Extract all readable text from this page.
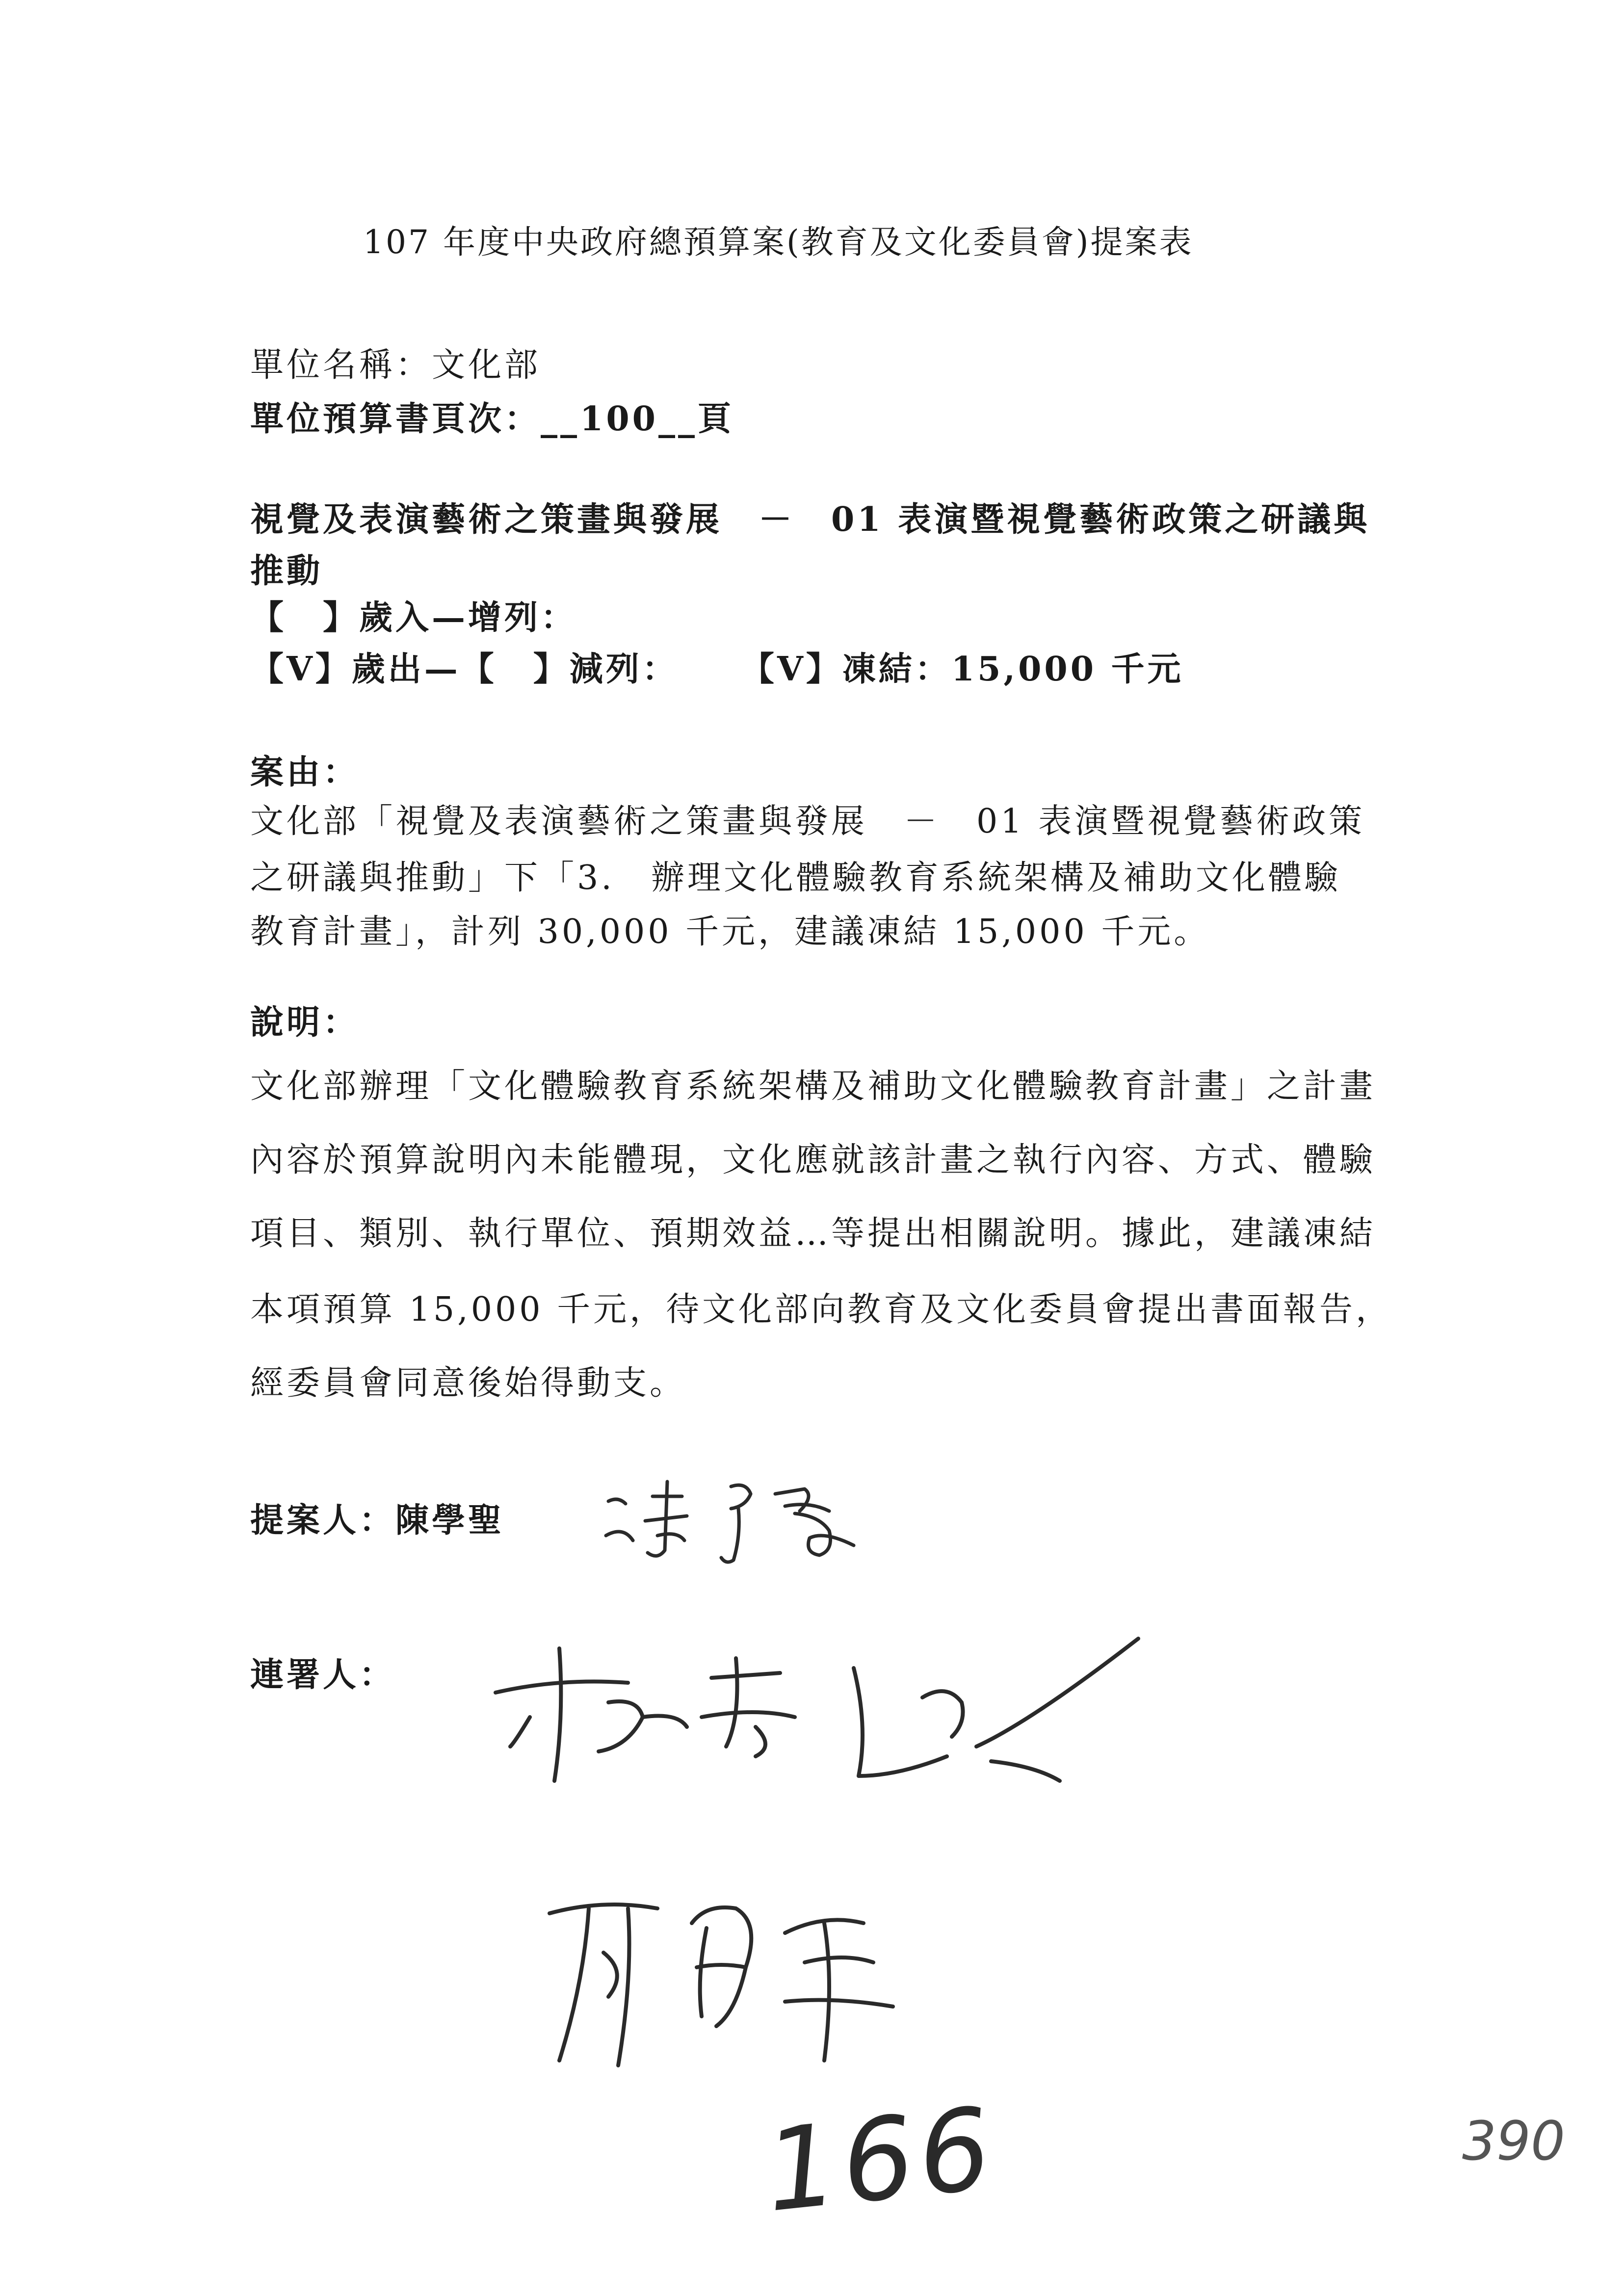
107 年度中央政府總預算案(教育及文化委員會)提案表
單位名稱：文化部
單位預算書頁次：__100__頁
視覺及表演藝術之策畫與發展　－　01 表演暨視覺藝術政策之研議與
推動
【　】歲入—增列：
【V】歲出—【　】減列： 【V】凍結：15,000 千元
案由：
文化部「視覺及表演藝術之策畫與發展　－　01 表演暨視覺藝術政策
之研議與推動」下「3.　辦理文化體驗教育系統架構及補助文化體驗
教育計畫」，計列 30,000 千元，建議凍結 15,000 千元。
說明：
文化部辦理「文化體驗教育系統架構及補助文化體驗教育計畫」之計畫
內容於預算說明內未能體現，文化應就該計畫之執行內容、方式、體驗
項目、類別、執行單位、預期效益…等提出相關說明。據此，建議凍結
本項預算 15,000 千元，待文化部向教育及文化委員會提出書面報告，
經委員會同意後始得動支。
提案人：陳學聖
連署人：
166	390
